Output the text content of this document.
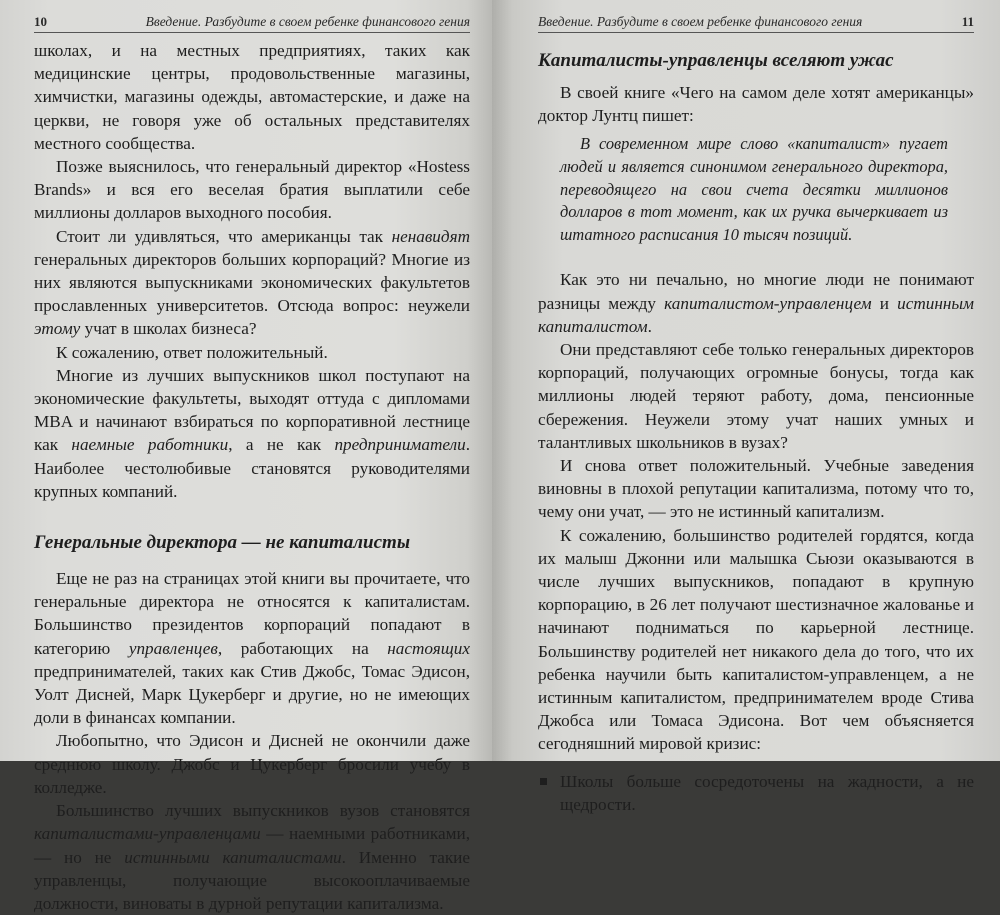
10	Введение. Разбудите в своем ребенке финансового гения

школах, и на местных предприятиях, таких как медицинские центры, продовольственные магазины, химчистки, магазины одежды, автомастерские, и даже на церкви, не говоря уже об остальных представителях местного сообщества.

Позже выяснилось, что генеральный директор «Hostess Brands» и вся его веселая братия выплатили себе миллионы долларов выходного пособия.

Стоит ли удивляться, что американцы так ненавидят генеральных директоров больших корпораций? Многие из них являются выпускниками экономических факультетов прославленных университетов. Отсюда вопрос: неужели этому учат в школах бизнеса?

К сожалению, ответ положительный.

Многие из лучших выпускников школ поступают на экономические факультеты, выходят оттуда с дипломами MBA и начинают взбираться по корпоративной лестнице как наемные работники, а не как предприниматели. Наиболее честолюбивые становятся руководителями крупных компаний.

Генеральные директора — не капиталисты

Еще не раз на страницах этой книги вы прочитаете, что генеральные директора не относятся к капиталистам. Большинство президентов корпораций попадают в категорию управленцев, работающих на настоящих предпринимателей, таких как Стив Джобс, Томас Эдисон, Уолт Дисней, Марк Цукерберг и другие, но не имеющих доли в финансах компании.

Любопытно, что Эдисон и Дисней не окончили даже среднюю школу. Джобс и Цукерберг бросили учебу в колледже.

Большинство лучших выпускников вузов становятся капиталистами-управленцами — наемными работниками, — но не истинными капиталистами. Именно такие управленцы, получающие высокооплачиваемые должности, виноваты в дурной репутации капитализма.

Введение. Разбудите в своем ребенке финансового гения	11
Капиталисты-управленцы вселяют ужас

В своей книге «Чего на самом деле хотят американцы» доктор Лунтц пишет:

В современном мире слово «капиталист» пугает людей и является синонимом генерального директора, переводящего на свои счета десятки миллионов долларов в тот момент, как их ручка вычеркивает из штатного расписания 10 тысяч позиций.

Как это ни печально, но многие люди не понимают разницы между капиталистом-управленцем и истинным капиталистом.

Они представляют себе только генеральных директоров корпораций, получающих огромные бонусы, тогда как миллионы людей теряют работу, дома, пенсионные сбережения. Неужели этому учат наших умных и талантливых школьников в вузах?

И снова ответ положительный. Учебные заведения виновны в плохой репутации капитализма, потому что то, чему они учат, — это не истинный капитализм.

К сожалению, большинство родителей гордятся, когда их малыш Джонни или малышка Сьюзи оказываются в числе лучших выпускников, попадают в крупную корпорацию, в 26 лет получают шестизначное жалованье и начинают подниматься по карьерной лестнице. Большинству родителей нет никакого дела до того, что их ребенка научили быть капиталистом-управленцем, а не истинным капиталистом, предпринимателем вроде Стива Джобса или Томаса Эдисона. Вот чем объясняется сегодняшний мировой кризис:

Школы больше сосредоточены на жадности, а не щедрости.
